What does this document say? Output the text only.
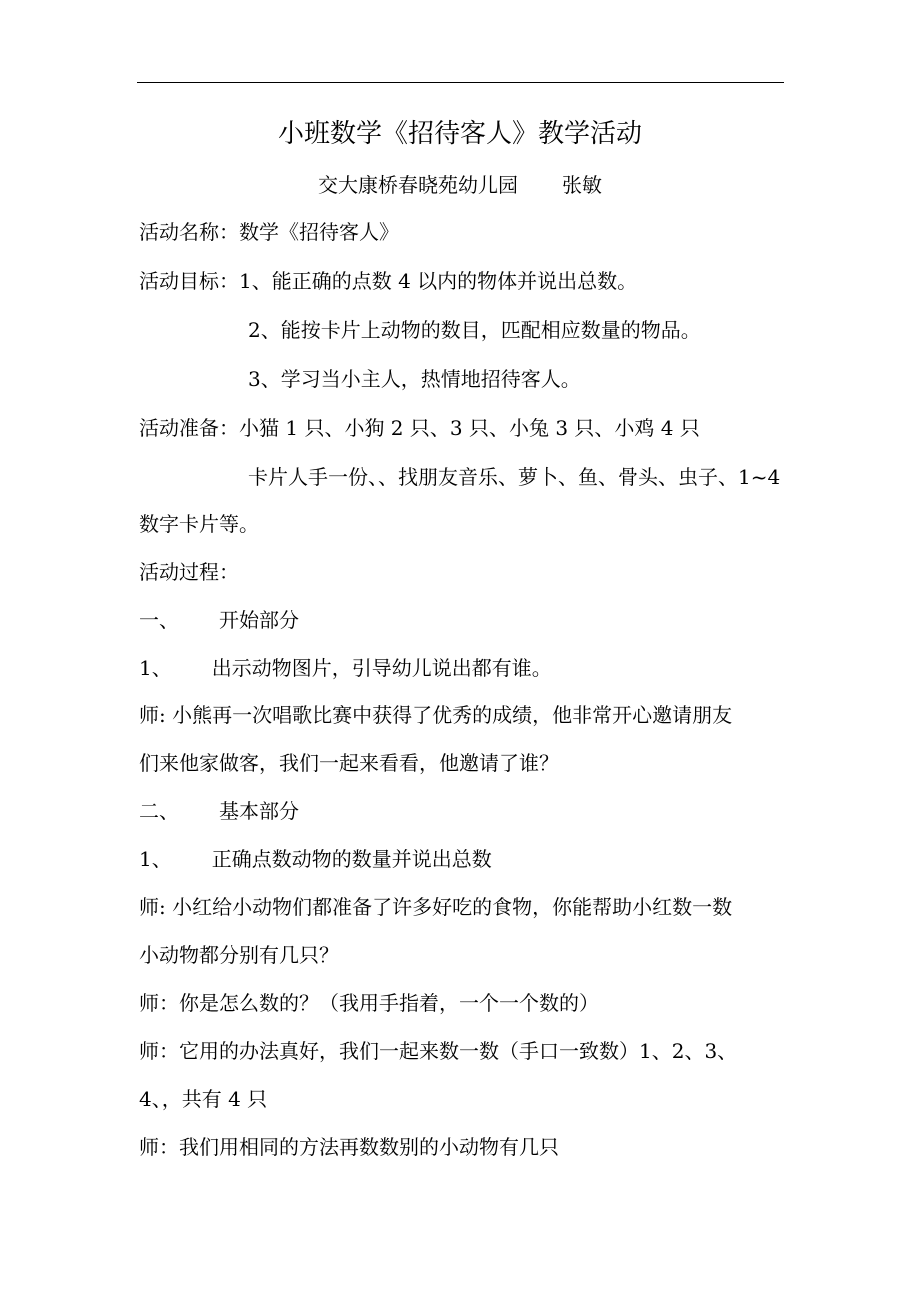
小班数学《招待客人》教学活动
交大康桥春晓苑幼儿园 张敏
活动名称：数学《招待客人》
活动目标：1、能正确的点数 4 以内的物体并说出总数。
2、能按卡片上动物的数目，匹配相应数量的物品。
3、学习当小主人，热情地招待客人。
活动准备：小猫 1 只、小狗 2 只、3 只、小兔 3 只、小鸡 4 只
卡片人手一份、、找朋友音乐、萝卜、鱼、骨头、虫子、1~4
数字卡片等。
活动过程：
一、 开始部分
1、 出示动物图片，引导幼儿说出都有谁。
师: 小熊再一次唱歌比赛中获得了优秀的成绩，他非常开心邀请朋友
们来他家做客，我们一起来看看，他邀请了谁？
二、 基本部分
1、 正确点数动物的数量并说出总数
师: 小红给小动物们都准备了许多好吃的食物，你能帮助小红数一数
小动物都分别有几只？
师：你是怎么数的？（我用手指着，一个一个数的）
师：它用的办法真好，我们一起来数一数（手口一致数）1、2、3、
4、，共有 4 只
师：我们用相同的方法再数数别的小动物有几只
